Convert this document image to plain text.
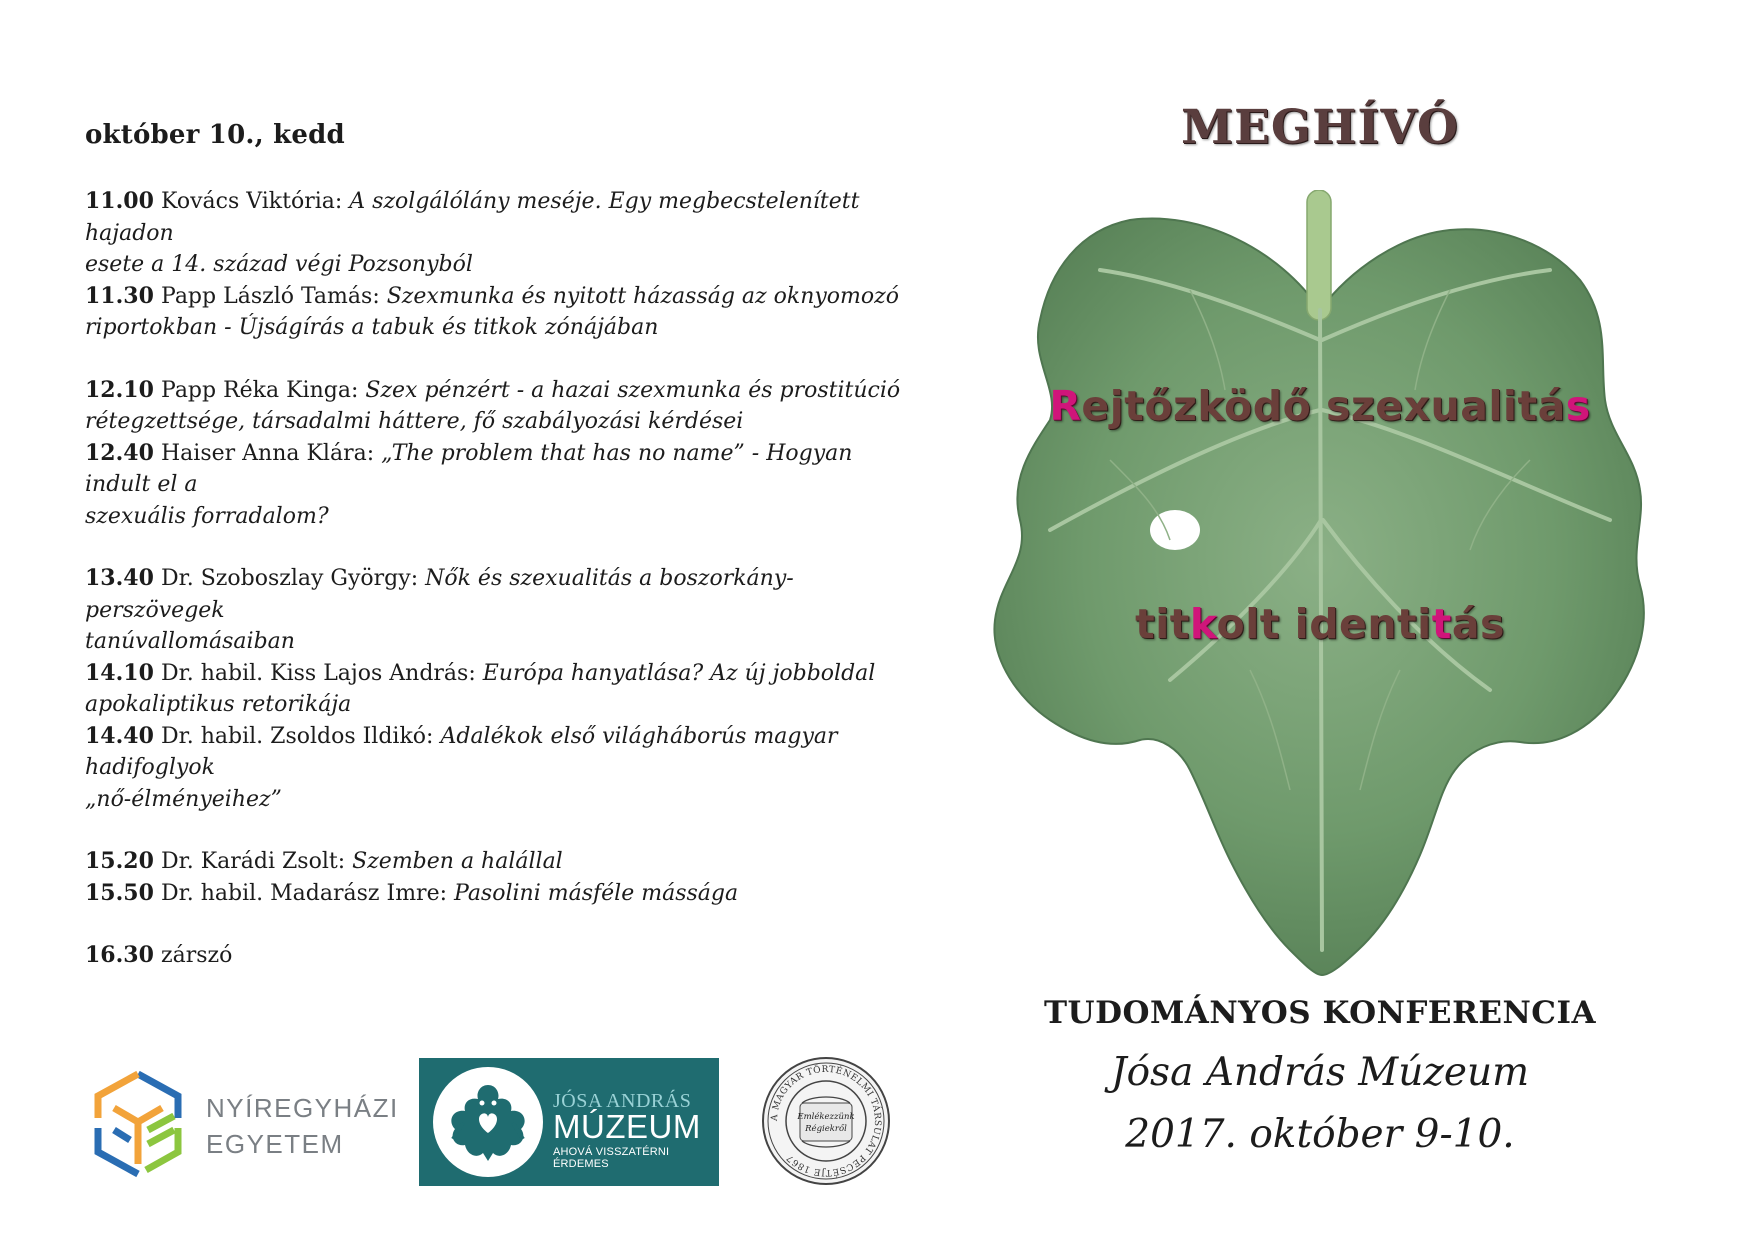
október 10., kedd
11.00 Kovács Viktória: A szolgálólány meséje. Egy megbecstelenített hajadon
esete a 14. század végi Pozsonyból
11.30 Papp László Tamás: Szexmunka és nyitott házasság az oknyomozó
riportokban - Újságírás a tabuk és titkok zónájában
12.10 Papp Réka Kinga: Szex pénzért - a hazai szexmunka és prostitúció
rétegzettsége, társadalmi háttere, fő szabályozási kérdései
12.40 Haiser Anna Klára: „The problem that has no name” - Hogyan indult el a
szexuális forradalom?
13.40 Dr. Szoboszlay György: Nők és szexualitás a boszorkány-perszövegek
tanúvallomásaiban
14.10 Dr. habil. Kiss Lajos András: Európa hanyatlása? Az új jobboldal
apokaliptikus retorikája
14.40 Dr. habil. Zsoldos Ildikó: Adalékok első világháborús magyar hadifoglyok
„nő-élményeihez”
15.20 Dr. Karádi Zsolt: Szemben a halállal
15.50 Dr. habil. Madarász Imre: Pasolini másféle mássága
16.30 zárszó
NYÍREGYHÁZI
EGYETEM
JÓSA ANDRÁS
MÚZEUM
AHOVÁ VISSZATÉRNI ÉRDEMES
A MAGYAR TÖRTÉNELMI TÁRSULAT PECSÉTJE 1867
Emlékezzünk
Régiekről
MEGHÍVÓ
Rejtőzködő szexualitás
titkolt identitás
TUDOMÁNYOS KONFERENCIA
Jósa András Múzeum
2017. október 9-10.
